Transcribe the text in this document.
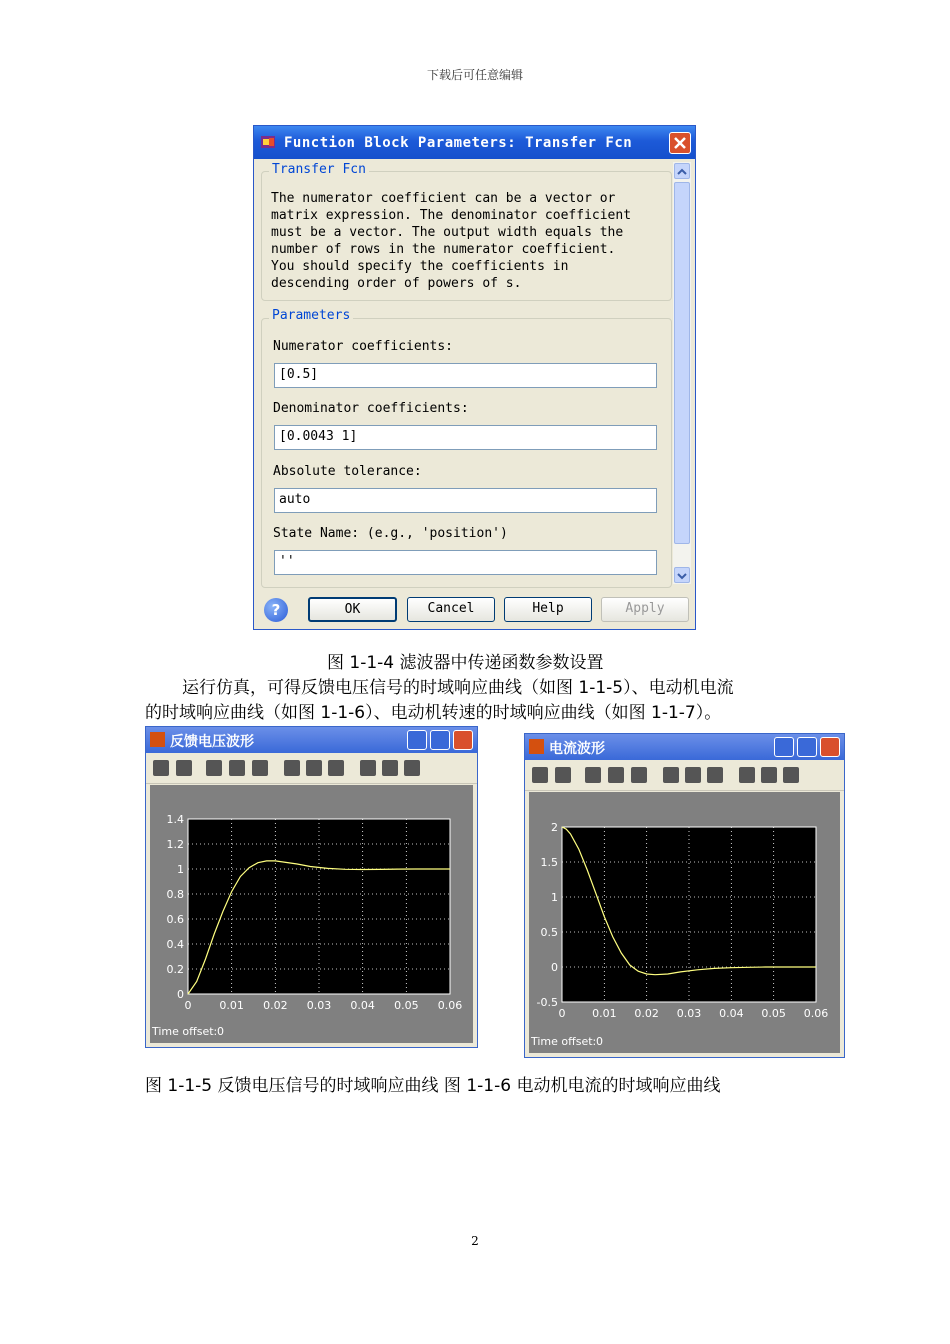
下载后可任意编辑
Function Block Parameters: Transfer Fcn
Transfer Fcn
The numerator coefficient can be a vector or
matrix expression. The denominator coefficient
must be a vector. The output width equals the
number of rows in the numerator coefficient.
You should specify the coefficients in
descending order of powers of s.
Parameters
Numerator coefficients:
[0.5]
Denominator coefficients:
[0.0043 1]
Absolute tolerance:
auto
State Name: (e.g., 'position')
''
?	OK	Cancel	Help	Apply
图 1-1-4 滤波器中传递函数参数设置
运行仿真，可得反馈电压信号的时域响应曲线（如图 1-1-5）、电动机电流
的时域响应曲线（如图 1-1-6）、电动机转速的时域响应曲线（如图 1-1-7）。
反馈电压波形
0	0.01 0.02 0.03 0.04 0.05 0.06
0
0.2
0.4
0.6
0.8
1
1.2
1.4
Time offset: 0
电流波形
0 0.01 0.02 0.03 0.04 0.05 0.06
-0.5
0
0.5
1
1.5
2
Time offset: 0
图 1-1-5 反馈电压信号的时域响应曲线 图 1-1-6 电动机电流的时域响应曲线
2
